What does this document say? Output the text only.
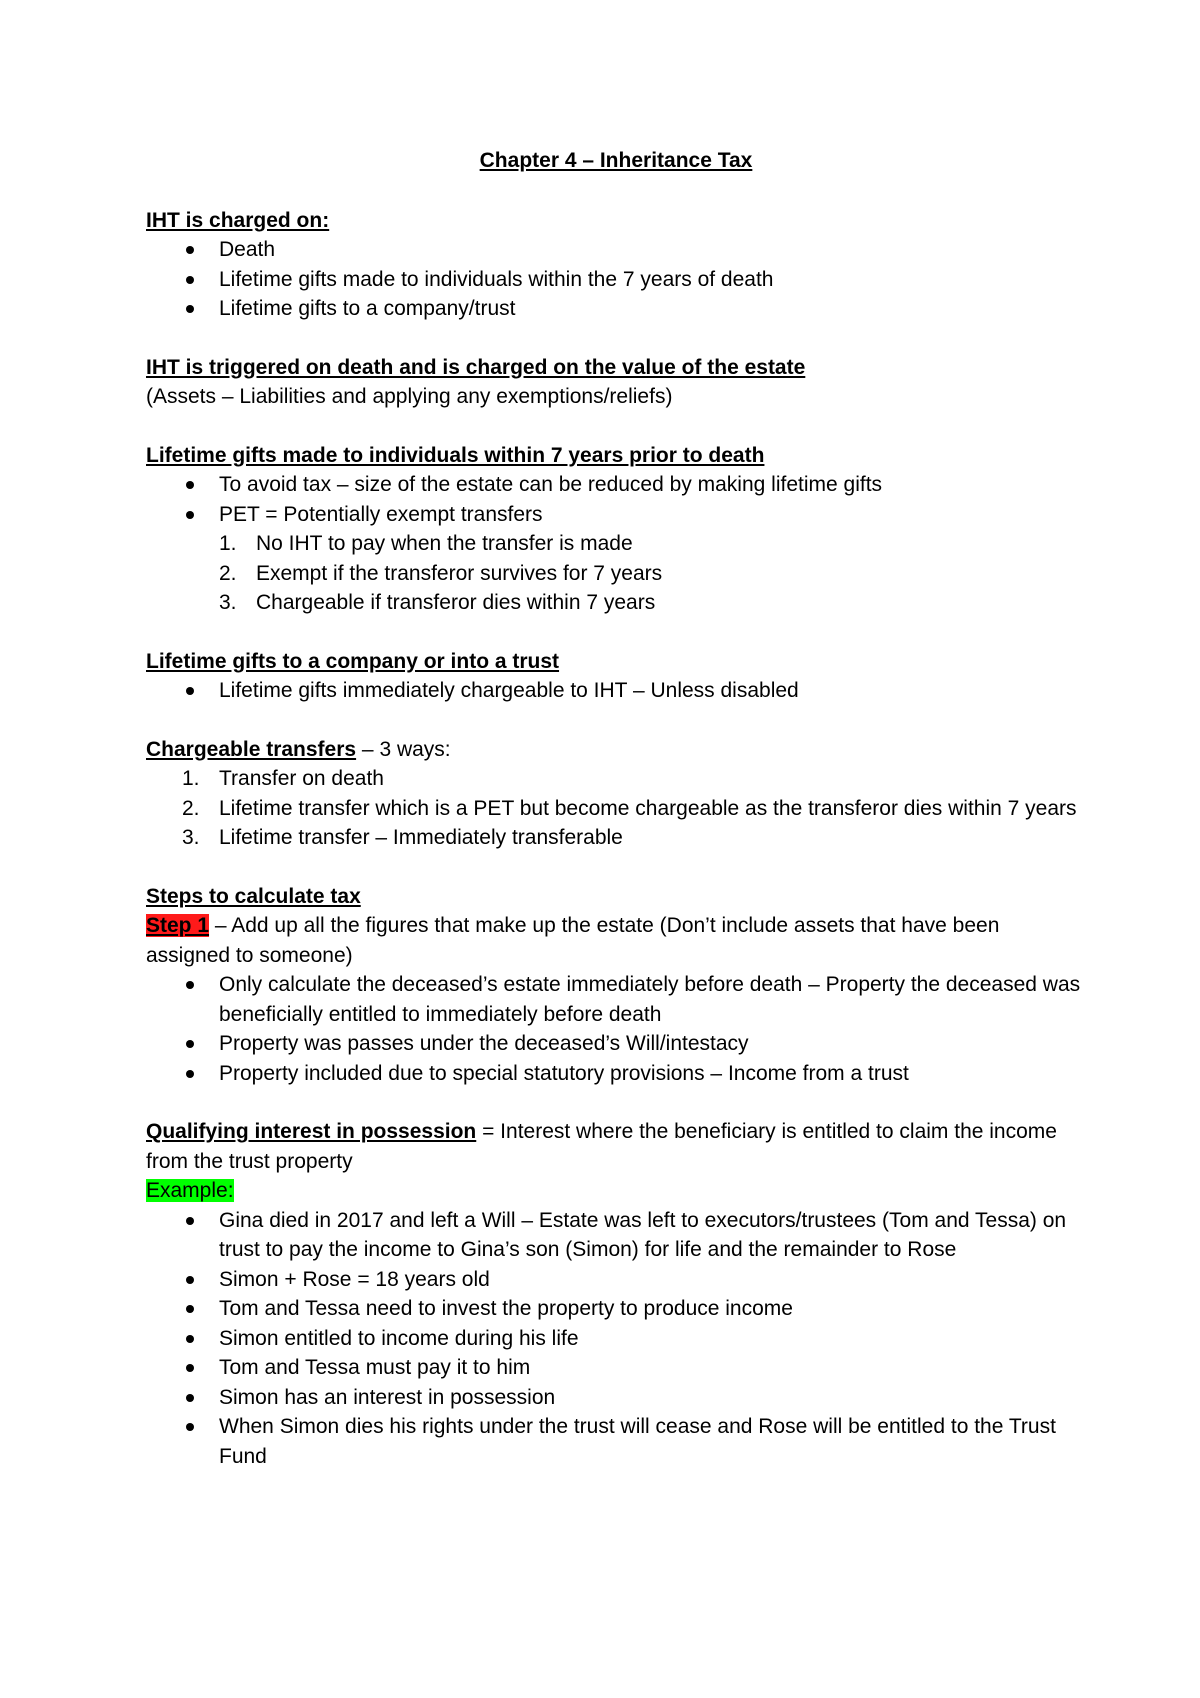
Chapter 4 – Inheritance Tax

IHT is charged on:

Death
Lifetime gifts made to individuals within the 7 years of death
Lifetime gifts to a company/trust

IHT is triggered on death and is charged on the value of the estate

(Assets – Liabilities and applying any exemptions/reliefs)

Lifetime gifts made to individuals within 7 years prior to death

To avoid tax – size of the estate can be reduced by making lifetime gifts
PET = Potentially exempt transfers
1. No IHT to pay when the transfer is made
2. Exempt if the transferor survives for 7 years
3. Chargeable if transferor dies within 7 years

Lifetime gifts to a company or into a trust

Lifetime gifts immediately chargeable to IHT – Unless disabled

Chargeable transfers – 3 ways:

1. Transfer on death
2. Lifetime transfer which is a PET but become chargeable as the transferor dies within 7 years
3. Lifetime transfer – Immediately transferable

Steps to calculate tax

Step 1 – Add up all the figures that make up the estate (Don’t include assets that have been assigned to someone)

Only calculate the deceased’s estate immediately before death – Property the deceased was beneficially entitled to immediately before death
Property was passes under the deceased’s Will/intestacy
Property included due to special statutory provisions – Income from a trust

Qualifying interest in possession = Interest where the beneficiary is entitled to claim the income from the trust property

Example:

Gina died in 2017 and left a Will – Estate was left to executors/trustees (Tom and Tessa) on trust to pay the income to Gina’s son (Simon) for life and the remainder to Rose
Simon + Rose = 18 years old
Tom and Tessa need to invest the property to produce income
Simon entitled to income during his life
Tom and Tessa must pay it to him
Simon has an interest in possession
When Simon dies his rights under the trust will cease and Rose will be entitled to the Trust Fund
